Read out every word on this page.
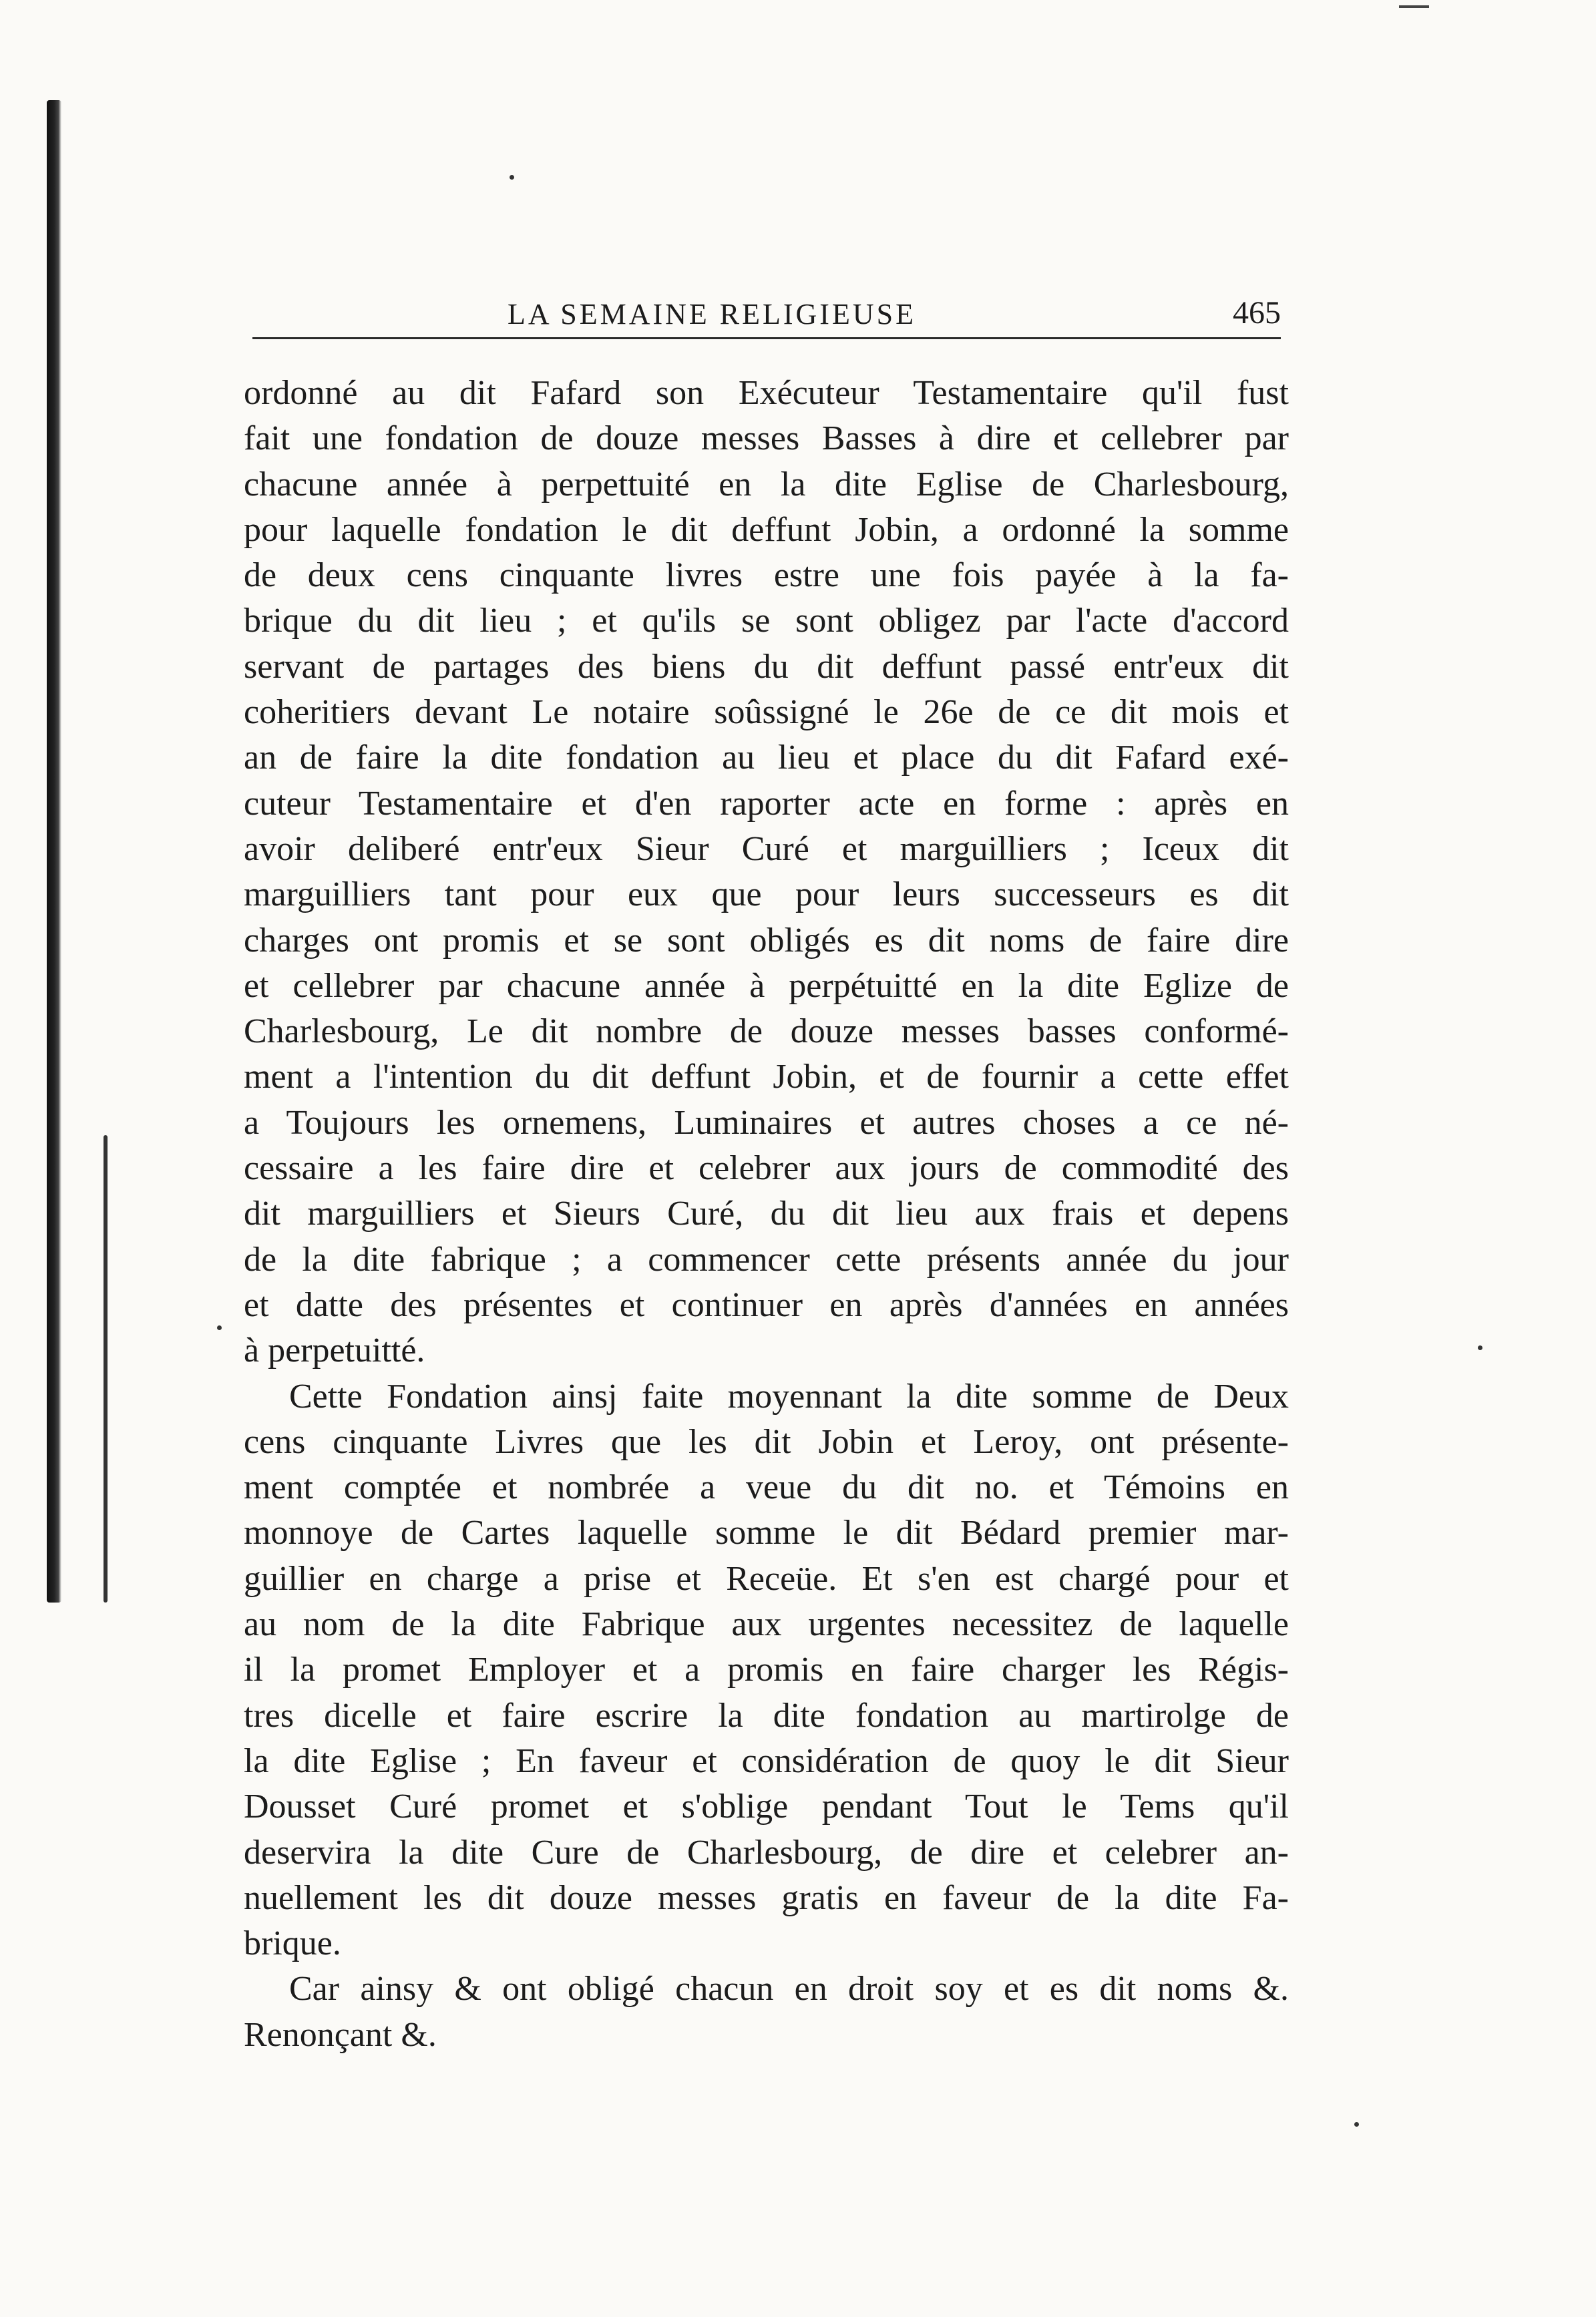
LA SEMAINE RELIGIEUSE	465
ordonné au dit Fafard son Exécuteur Testamentaire qu'il fust
fait une fondation de douze messes Basses à dire et cellebrer par
chacune année à perpettuité en la dite Eglise de Charlesbourg,
pour laquelle fondation le dit deffunt Jobin, a ordonné la somme
de deux cens cinquante livres estre une fois payée à la fa-
brique du dit lieu ; et qu'ils se sont obligez par l'acte d'accord
servant de partages des biens du dit deffunt passé entr'eux dit
coheritiers devant Le notaire soûssigné le 26e de ce dit mois et
an de faire la dite fondation au lieu et place du dit Fafard exé-
cuteur Testamentaire et d'en raporter acte en forme : après en
avoir deliberé entr'eux Sieur Curé et marguilliers ; Iceux dit
marguilliers tant pour eux que pour leurs successeurs es dit
charges ont promis et se sont obligés es dit noms de faire dire
et cellebrer par chacune année à perpétuitté en la dite Eglize de
Charlesbourg, Le dit nombre de douze messes basses conformé-
ment a l'intention du dit deffunt Jobin, et de fournir a cette effet
a Toujours les ornemens, Luminaires et autres choses a ce né-
cessaire a les faire dire et celebrer aux jours de commodité des
dit marguilliers et Sieurs Curé, du dit lieu aux frais et depens
de la dite fabrique ; a commencer cette présents année du jour
et datte des présentes et continuer en après d'années en années
à perpetuitté.
Cette Fondation ainsj faite moyennant la dite somme de Deux
cens cinquante Livres que les dit Jobin et Leroy, ont présente-
ment comptée et nombrée a veue du dit no. et Témoins en
monnoye de Cartes laquelle somme le dit Bédard premier mar-
guillier en charge a prise et Receüe. Et s'en est chargé pour et
au nom de la dite Fabrique aux urgentes necessitez de laquelle
il la promet Employer et a promis en faire charger les Régis-
tres dicelle et faire escrire la dite fondation au martirolge de
la dite Eglise ; En faveur et considération de quoy le dit Sieur
Dousset Curé promet et s'oblige pendant Tout le Tems qu'il
deservira la dite Cure de Charlesbourg, de dire et celebrer an-
nuellement les dit douze messes gratis en faveur de la dite Fa-
brique.
Car ainsy & ont obligé chacun en droit soy et es dit noms &.
Renonçant &.
